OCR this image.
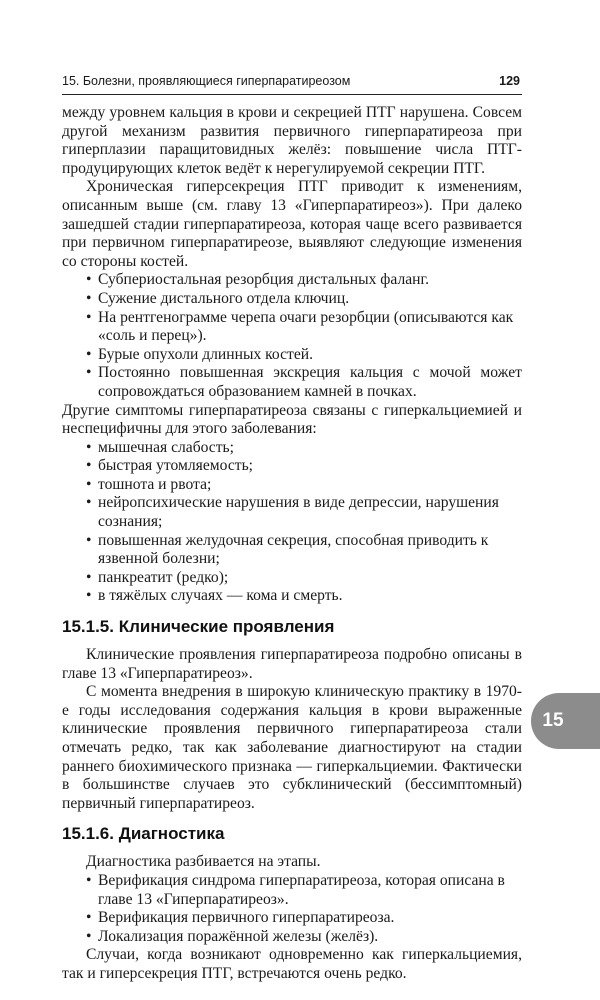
15. Болезни, проявляющиеся гиперпаратиреозом	129

между уровнем кальция в крови и секрецией ПТГ нарушена. Совсем другой механизм развития первичного гиперпаратиреоза при гиперплазии паращитовидных желёз: повышение числа ПТГ-продуцирующих клеток ведёт к нерегулируемой секреции ПТГ.

Хроническая гиперсекреция ПТГ приводит к изменениям, описанным выше (см. главу 13 «Гиперпаратиреоз»). При далеко зашедшей стадии гиперпаратиреоза, которая чаще всего развивается при первичном гиперпаратиреозе, выявляют следующие изменения со стороны костей.

• Субпериостальная резорбция дистальных фаланг.
• Сужение дистального отдела ключиц.
• На рентгенограмме черепа очаги резорбции (описываются как «соль и перец»).
• Бурые опухоли длинных костей.
• Постоянно повышенная экскреция кальция с мочой может сопровождаться образованием камней в почках.

Другие симптомы гиперпаратиреоза связаны с гиперкальциемией и неспецифичны для этого заболевания:

• мышечная слабость;
• быстрая утомляемость;
• тошнота и рвота;
• нейропсихические нарушения в виде депрессии, нарушения сознания;
• повышенная желудочная секреция, способная приводить к язвенной болезни;
• панкреатит (редко);
• в тяжёлых случаях — кома и смерть.
15.1.5. Клинические проявления

Клинические проявления гиперпаратиреоза подробно описаны в главе 13 «Гиперпаратиреоз».

С момента внедрения в широкую клиническую практику в 1970-е годы исследования содержания кальция в крови выраженные клинические проявления первичного гиперпаратиреоза стали отмечать редко, так как заболевание диагностируют на стадии раннего биохимического признака — гиперкальциемии. Фактически в большинстве случаев это субклинический (бессимптомный) первичный гиперпаратиреоз.

15.1.6. Диагностика

Диагностика разбивается на этапы.

• Верификация синдрома гиперпаратиреоза, которая описана в главе 13 «Гиперпаратиреоз».
• Верификация первичного гиперпаратиреоза.
• Локализация поражённой железы (желёз).

Случаи, когда возникают одновременно как гиперкальциемия, так и гиперсекреция ПТГ, встречаются очень редко.

15
